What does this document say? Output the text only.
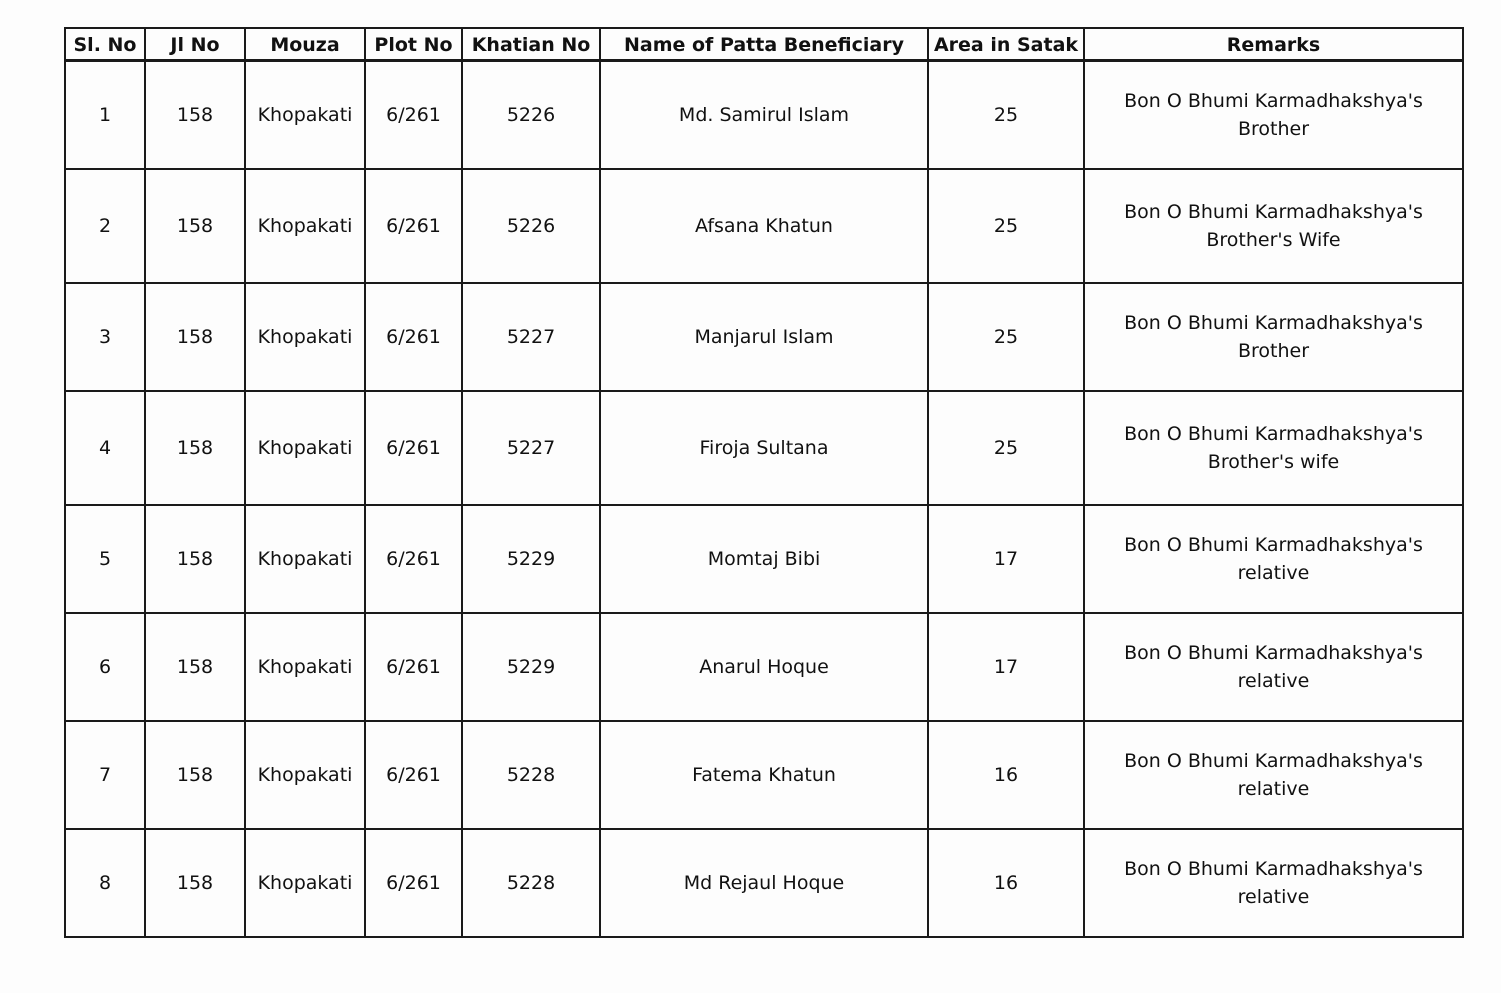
Sl. No	Jl No	Mouza	Plot No	Khatian No	Name of Patta Beneficiary	Area in Satak	Remarks
1	158	Khopakati	6/261	5226	Md. Samirul Islam	25	Bon O Bhumi Karmadhakshya's Brother
2	158	Khopakati	6/261	5226	Afsana Khatun	25	Bon O Bhumi Karmadhakshya's Brother's Wife
3	158	Khopakati	6/261	5227	Manjarul Islam	25	Bon O Bhumi Karmadhakshya's Brother
4	158	Khopakati	6/261	5227	Firoja Sultana	25	Bon O Bhumi Karmadhakshya's Brother's wife
5	158	Khopakati	6/261	5229	Momtaj Bibi	17	Bon O Bhumi Karmadhakshya's relative
6	158	Khopakati	6/261	5229	Anarul Hoque	17	Bon O Bhumi Karmadhakshya's relative
7	158	Khopakati	6/261	5228	Fatema Khatun	16	Bon O Bhumi Karmadhakshya's relative
8	158	Khopakati	6/261	5228	Md Rejaul Hoque	16	Bon O Bhumi Karmadhakshya's relative
